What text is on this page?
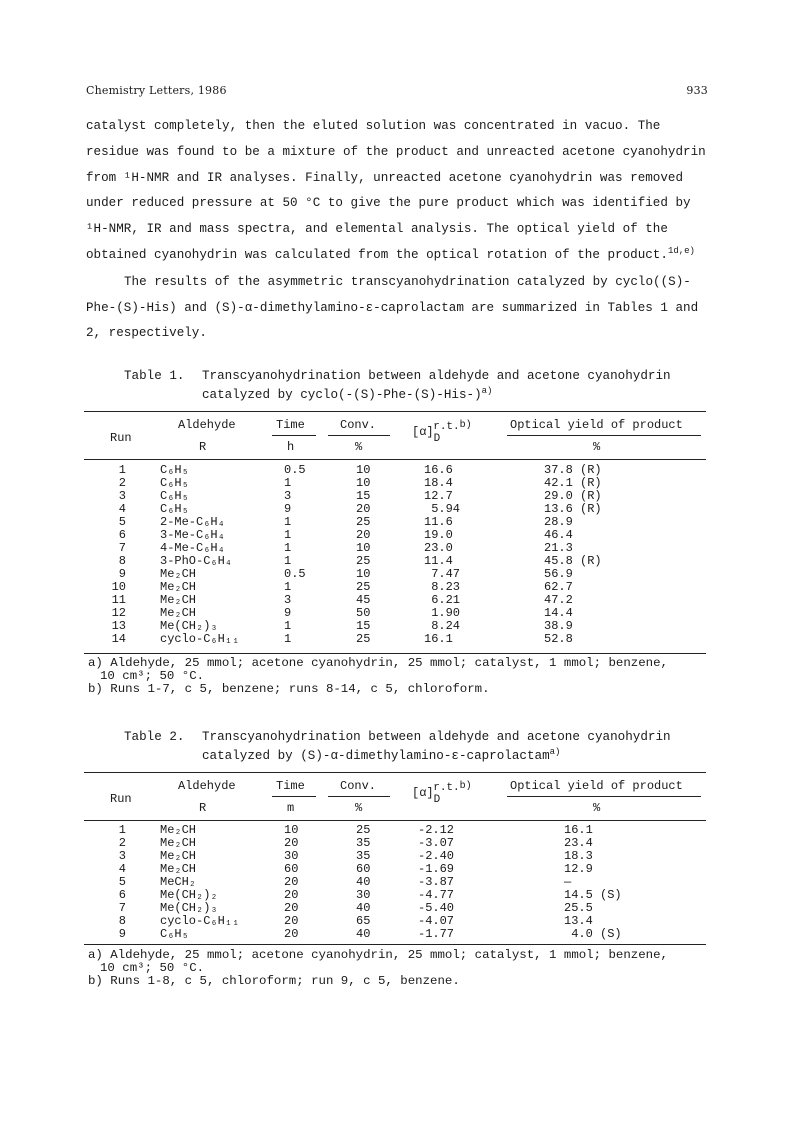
Chemistry Letters, 1986	933

catalyst completely, then the eluted solution was concentrated in vacuo. The

residue was found to be a mixture of the product and unreacted acetone cyanohydrin

from ¹H-NMR and IR analyses. Finally, unreacted acetone cyanohydrin was removed

under reduced pressure at 50 °C to give the pure product which was identified by

¹H-NMR, IR and mass spectra, and elemental analysis. The optical yield of the

obtained cyanohydrin was calculated from the optical rotation of the product.$^{1d,e)}$

The results of the asymmetric transcyanohydrination catalyzed by cyclo((S)-

Phe-(S)-His) and (S)-α-dimethylamino-ε-caprolactam are summarized in Tables 1 and

2, respectively.

Table 1. Transcyanohydrination between aldehyde and acetone cyanohydrin
catalyzed by $cyclo(-(S)-Phe-(S)-His-)^{a)}$
Aldehyde	Time	Conv.	Optical yield of product
Run	[α]Dr.t.$^{b)}$
R	h	%	%
1	C₆H₅	0.5	10	16.6	37.8 (R)
2	C₆H₅	1	10	18.4	42.1 (R)
3	C₆H₅	3	15	12.7	29.0 (R)
4	C₆H₅	9	20	5.94	13.6 (R)
5	2-Me-C₆H₄	1	25	11.6	28.9
6	3-Me-C₆H₄	1	20	19.0	46.4
7	4-Me-C₆H₄	1	10	23.0	21.3
8	3-PhO-C₆H₄	1	25	11.4	45.8 (R)
9	Me₂CH	0.5	10	7.47	56.9
10	Me₂CH	1	25	8.23	62.7
11	Me₂CH	3	45	6.21	47.2
12	Me₂CH	9	50	1.90	14.4
13	Me(CH₂)₃	1	15	8.24	38.9
14	cyclo-C₆H₁₁	1	25	16.1	52.8
a) Aldehyde, 25 mmol; acetone cyanohydrin, 25 mmol; catalyst, 1 mmol; benzene,
10 cm³; 50 °C.
b) Runs 1-7, c 5, benzene; runs 8-14, c 5, chloroform.
Table 2. Transcyanohydrination between aldehyde and acetone cyanohydrin
catalyzed by (S)-α-dimethylamino-ε-caprolactam$^{a)}$
Aldehyde	Time	Conv.	Optical yield of product
Run	[α]Dr.t.$^{b)}$
R	m	%	%
1	Me₂CH	10	25	-2.12	16.1
2	Me₂CH	20	35	-3.07	23.4
3	Me₂CH	30	35	-2.40	18.3
4	Me₂CH	60	60	-1.69	12.9
5	MeCH₂	20	40	-3.87	—
6	Me(CH₂)₂	20	30	-4.77	14.5 (S)
7	Me(CH₂)₃	20	40	-5.40	25.5
8	cyclo-C₆H₁₁	20	65	-4.07	13.4
9	C₆H₅	20	40	-1.77	4.0 (S)
a) Aldehyde, 25 mmol; acetone cyanohydrin, 25 mmol; catalyst, 1 mmol; benzene,
10 cm³; 50 °C.
b) Runs 1-8, c 5, chloroform; run 9, c 5, benzene.
